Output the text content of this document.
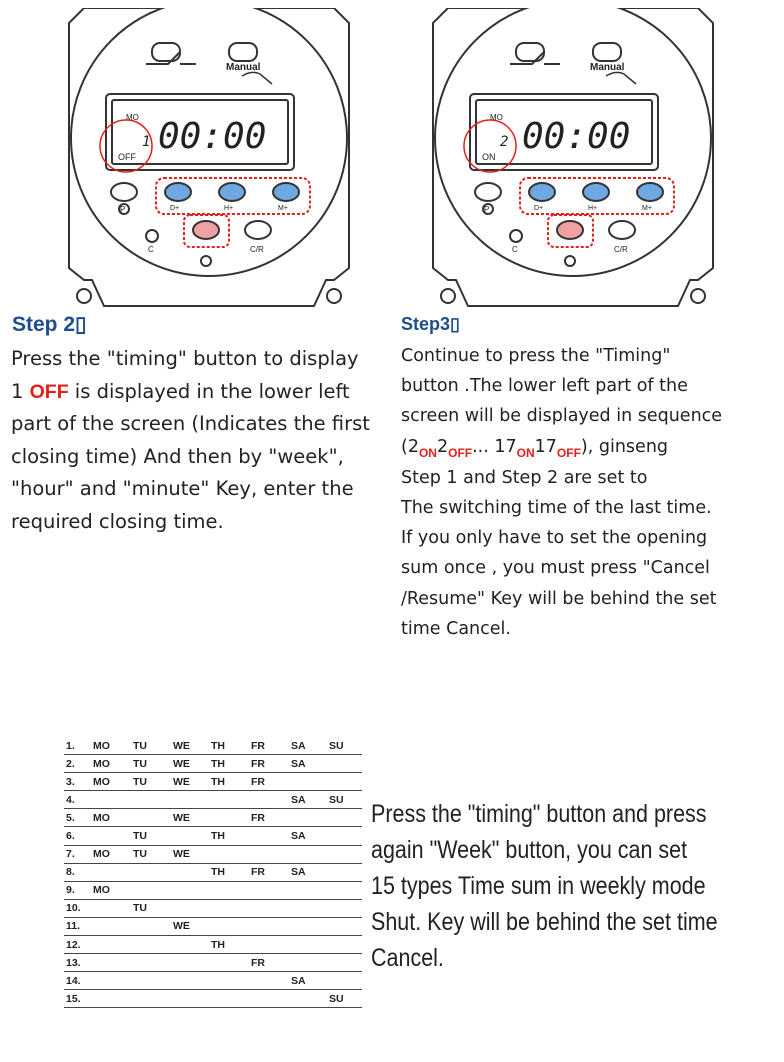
Manual
MO
1
OFF 00:00
D+	H+	M+
P
C	C/R
Manual
MO
2
ON 00:00
D+	H+	M+
P
C	C/R
Step 2▯

Press the "timing" button to display

1 OFF is displayed in the lower left

part of the screen (Indicates the first

closing time) And then by "week",

"hour" and "minute" Key, enter the

required closing time.

Step3▯

Continue to press the "Timing"

button .The lower left part of the

screen will be displayed in sequence

($2_{ON}2_{OFF}$... $17_{ON}17_{OFF}$), ginseng

Step 1 and Step 2 are set to

The switching time of the last time.

If you only have to set the opening

sum once , you must press "Cancel

/Resume" Key will be behind the set

time Cancel.

1.	MO	TU	WE	TH	FR	SA	SU
2.	MO	TU	WE	TH	FR	SA	
3.	MO	TU	WE	TH	FR		
4.						SA	SU
5.	MO		WE		FR		
6.		TU		TH		SA	
7.	MO	TU	WE				
8.				TH	FR	SA	
9.	MO						
10.		TU					
11.			WE				
12.				TH			
13.					FR		
14.						SA	
15.							SU

Press the "timing" button and press

again "Week" button, you can set

15 types Time sum in weekly mode

Shut. Key will be behind the set time

Cancel.
